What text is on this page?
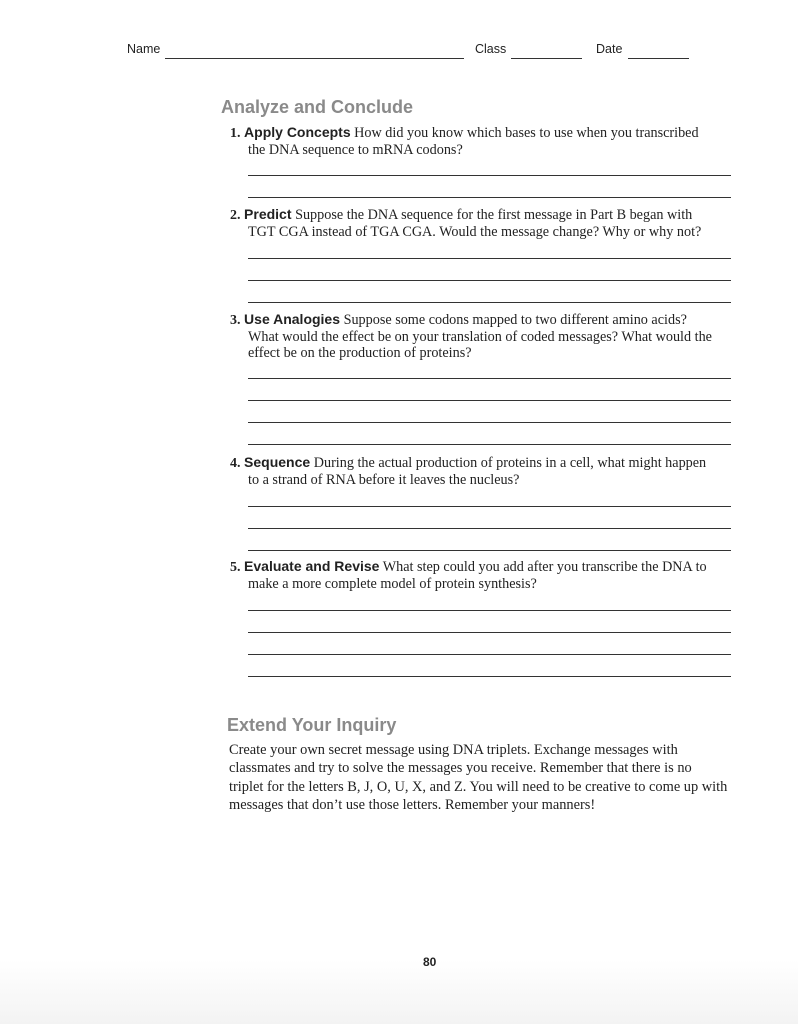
Name	Class	Date
Analyze and Conclude
1. Apply Concepts How did you know which bases to use when you transcribed
the DNA sequence to mRNA codons?
2. Predict Suppose the DNA sequence for the first message in Part B began with
TGT CGA instead of TGA CGA. Would the message change? Why or why not?
3. Use Analogies Suppose some codons mapped to two different amino acids?
What would the effect be on your translation of coded messages? What would the effect be on the production of proteins?
4. Sequence During the actual production of proteins in a cell, what might happen
to a strand of RNA before it leaves the nucleus?
5. Evaluate and Revise What step could you add after you transcribe the DNA to
make a more complete model of protein synthesis?
Extend Your Inquiry
Create your own secret message using DNA triplets. Exchange messages with classmates and try to solve the messages you receive. Remember that there is no triplet for the letters B, J, O, U, X, and Z. You will need to be creative to come up with messages that don’t use those letters. Remember your manners!
80
